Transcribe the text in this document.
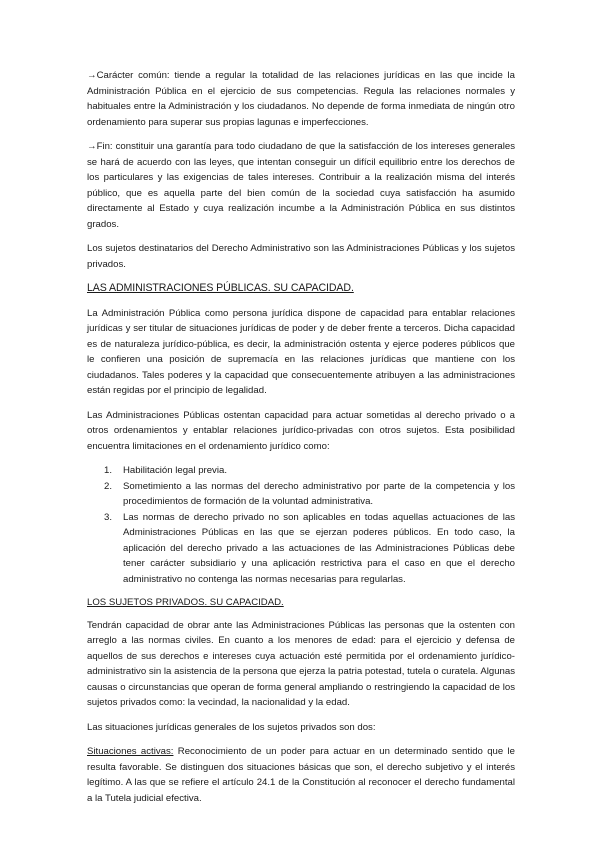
→Carácter común: tiende a regular la totalidad de las relaciones jurídicas en las que incide la Administración Pública en el ejercicio de sus competencias. Regula las relaciones normales y habituales entre la Administración y los ciudadanos. No depende de forma inmediata de ningún otro ordenamiento para superar sus propias lagunas e imperfecciones.

→Fin: constituir una garantía para todo ciudadano de que la satisfacción de los intereses generales se hará de acuerdo con las leyes, que intentan conseguir un difícil equilibrio entre los derechos de los particulares y las exigencias de tales intereses. Contribuir a la realización misma del interés público, que es aquella parte del bien común de la sociedad cuya satisfacción ha asumido directamente al Estado y cuya realización incumbe a la Administración Pública en sus distintos grados.

Los sujetos destinatarios del Derecho Administrativo son las Administraciones Públicas y los sujetos privados.

LAS ADMINISTRACIONES PÚBLICAS. SU CAPACIDAD.

La Administración Pública como persona jurídica dispone de capacidad para entablar relaciones jurídicas y ser titular de situaciones jurídicas de poder y de deber frente a terceros. Dicha capacidad es de naturaleza jurídico-pública, es decir, la administración ostenta y ejerce poderes públicos que le confieren una posición de supremacía en las relaciones jurídicas que mantiene con los ciudadanos. Tales poderes y la capacidad que consecuentemente atribuyen a las administraciones están regidas por el principio de legalidad.

Las Administraciones Públicas ostentan capacidad para actuar sometidas al derecho privado o a otros ordenamientos y entablar relaciones jurídico-privadas con otros sujetos. Esta posibilidad encuentra limitaciones en el ordenamiento jurídico como:

1. Habilitación legal previa.
2. Sometimiento a las normas del derecho administrativo por parte de la competencia y los procedimientos de formación de la voluntad administrativa.
3. Las normas de derecho privado no son aplicables en todas aquellas actuaciones de las Administraciones Públicas en las que se ejerzan poderes públicos. En todo caso, la aplicación del derecho privado a las actuaciones de las Administraciones Públicas debe tener carácter subsidiario y una aplicación restrictiva para el caso en que el derecho administrativo no contenga las normas necesarias para regularlas.
LOS SUJETOS PRIVADOS. SU CAPACIDAD.

Tendrán capacidad de obrar ante las Administraciones Públicas las personas que la ostenten con arreglo a las normas civiles. En cuanto a los menores de edad: para el ejercicio y defensa de aquellos de sus derechos e intereses cuya actuación esté permitida por el ordenamiento jurídico-administrativo sin la asistencia de la persona que ejerza la patria potestad, tutela o curatela. Algunas causas o circunstancias que operan de forma general ampliando o restringiendo la capacidad de los sujetos privados como: la vecindad, la nacionalidad y la edad.

Las situaciones jurídicas generales de los sujetos privados son dos:

Situaciones activas: Reconocimiento de un poder para actuar en un determinado sentido que le resulta favorable. Se distinguen dos situaciones básicas que son, el derecho subjetivo y el interés legítimo. A las que se refiere el artículo 24.1 de la Constitución al reconocer el derecho fundamental a la Tutela judicial efectiva.
